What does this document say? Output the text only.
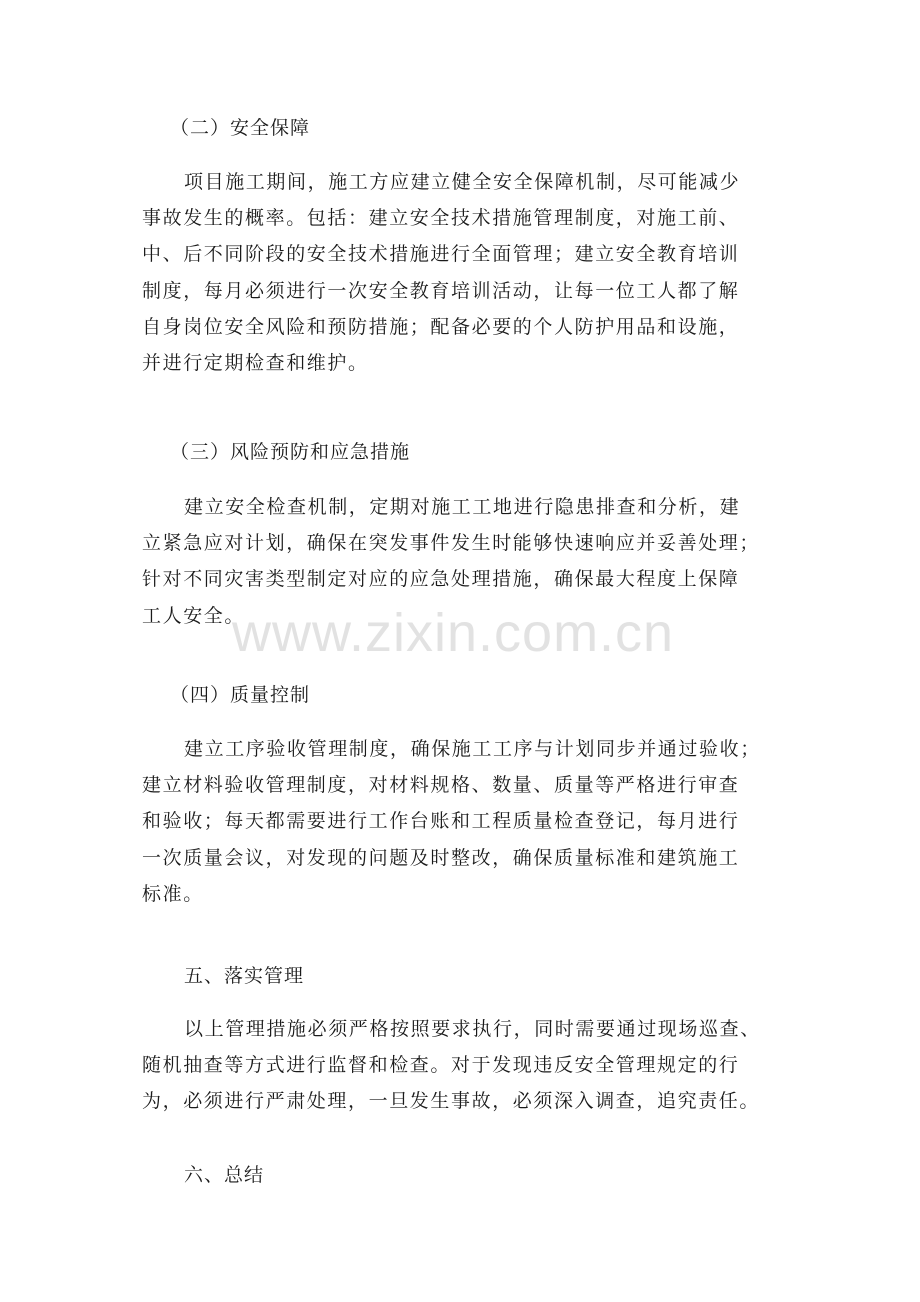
（二）安全保障
项目施工期间，施工方应建立健全安全保障机制，尽可能减少
事故发生的概率。包括：建立安全技术措施管理制度，对施工前、
中、后不同阶段的安全技术措施进行全面管理；建立安全教育培训
制度，每月必须进行一次安全教育培训活动，让每一位工人都了解
自身岗位安全风险和预防措施；配备必要的个人防护用品和设施，
并进行定期检查和维护。
（三）风险预防和应急措施
建立安全检查机制，定期对施工工地进行隐患排查和分析，建
立紧急应对计划，确保在突发事件发生时能够快速响应并妥善处理；
针对不同灾害类型制定对应的应急处理措施，确保最大程度上保障
工人安全。
（四）质量控制
建立工序验收管理制度，确保施工工序与计划同步并通过验收；
建立材料验收管理制度，对材料规格、数量、质量等严格进行审查
和验收；每天都需要进行工作台账和工程质量检查登记，每月进行
一次质量会议，对发现的问题及时整改，确保质量标准和建筑施工
标准。
五、落实管理
以上管理措施必须严格按照要求执行，同时需要通过现场巡查、
随机抽查等方式进行监督和检查。对于发现违反安全管理规定的行
为，必须进行严肃处理，一旦发生事故，必须深入调查，追究责任。
六、总结
www.zixin.com.cn
